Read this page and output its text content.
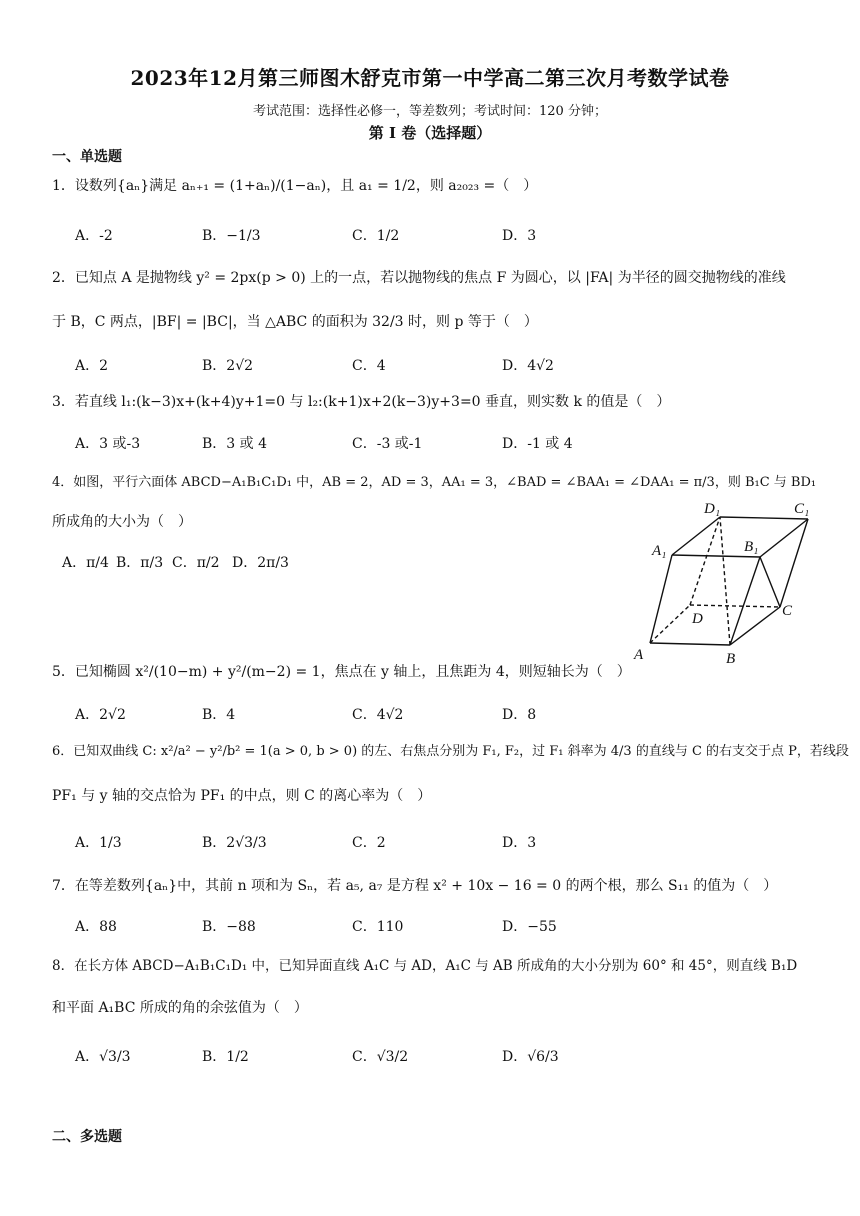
2023年12月第三师图木舒克市第一中学高二第三次月考数学试卷
考试范围：选择性必修一，等差数列；考试时间：120 分钟；
第 I 卷（选择题）
一、单选题
1．设数列{aₙ}满足 aₙ₊₁ = (1+aₙ)/(1−aₙ)，且 a₁ = 1/2，则 a₂₀₂₃ =（　）
A．-2	B．−1/3	C．1/2	D．3
2．已知点 A 是抛物线 y² = 2px(p > 0) 上的一点，若以抛物线的焦点 F 为圆心，以 |FA| 为半径的圆交抛物线的准线
于 B，C 两点，|BF| = |BC|，当 △ABC 的面积为 32/3 时，则 p 等于（　）
A．2	B．2√2	C．4	D．4√2
3．若直线 l₁:(k−3)x+(k+4)y+1=0 与 l₂:(k+1)x+2(k−3)y+3=0 垂直，则实数 k 的值是（　）
A．3 或-3	B．3 或 4	C．-3 或-1	D．-1 或 4
4．如图，平行六面体 ABCD−A₁B₁C₁D₁ 中，AB = 2，AD = 3，AA₁ = 3，∠BAD = ∠BAA₁ = ∠DAA₁ = π/3，则 B₁C 与 BD₁
所成角的大小为（　）
A．π/4 B．π/3 C．π/2 D．2π/3
D₁	C₁
A₁	B₁
D	C
A	B
5．已知椭圆 x²/(10−m) + y²/(m−2) = 1，焦点在 y 轴上，且焦距为 4，则短轴长为（　）
A．2√2	B．4	C．4√2	D．8
6．已知双曲线 C: x²/a² − y²/b² = 1(a > 0, b > 0) 的左、右焦点分别为 F₁, F₂，过 F₁ 斜率为 4/3 的直线与 C 的右支交于点 P，若线段
PF₁ 与 y 轴的交点恰为 PF₁ 的中点，则 C 的离心率为（　）
A．1/3	B．2√3/3	C．2	D．3
7．在等差数列{aₙ}中，其前 n 项和为 Sₙ，若 a₅, a₇ 是方程 x² + 10x − 16 = 0 的两个根，那么 S₁₁ 的值为（　）
A．88	B．−88	C．110	D．−55
8．在长方体 ABCD−A₁B₁C₁D₁ 中，已知异面直线 A₁C 与 AD，A₁C 与 AB 所成角的大小分别为 60° 和 45°，则直线 B₁D
和平面 A₁BC 所成的角的余弦值为（　）
A．√3/3	B．1/2	C．√3/2	D．√6/3
二、多选题
